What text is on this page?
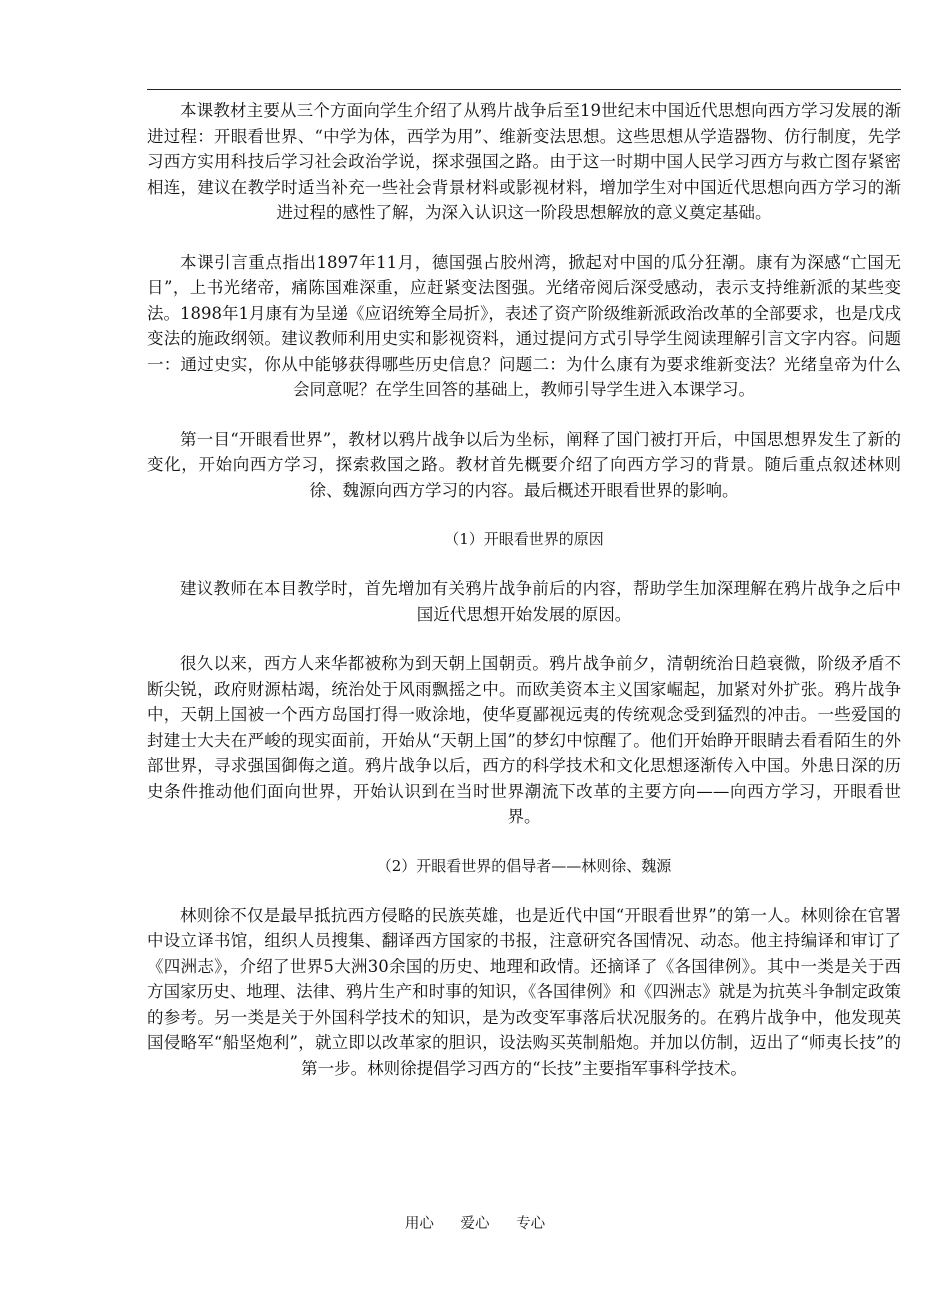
本课教材主要从三个方面向学生介绍了从鸦片战争后至19世纪末中国近代思想向西方学习发展的渐进过程：开眼看世界、“中学为体，西学为用”、维新变法思想。这些思想从学造器物、仿行制度，先学习西方实用科技后学习社会政治学说，探求强国之路。由于这一时期中国人民学习西方与救亡图存紧密相连，建议在教学时适当补充一些社会背景材料或影视材料，增加学生对中国近代思想向西方学习的渐进过程的感性了解，为深入认识这一阶段思想解放的意义奠定基础。

本课引言重点指出1897年11月，德国强占胶州湾，掀起对中国的瓜分狂潮。康有为深感“亡国无日”，上书光绪帝，痛陈国难深重，应赶紧变法图强。光绪帝阅后深受感动，表示支持维新派的某些变法。1898年1月康有为呈递《应诏统筹全局折》，表述了资产阶级维新派政治改革的全部要求，也是戊戌变法的施政纲领。建议教师利用史实和影视资料，通过提问方式引导学生阅读理解引言文字内容。问题一：通过史实，你从中能够获得哪些历史信息？问题二：为什么康有为要求维新变法？光绪皇帝为什么会同意呢？在学生回答的基础上，教师引导学生进入本课学习。

第一目“开眼看世界”，教材以鸦片战争以后为坐标，阐释了国门被打开后，中国思想界发生了新的变化，开始向西方学习，探索救国之路。教材首先概要介绍了向西方学习的背景。随后重点叙述林则徐、魏源向西方学习的内容。最后概述开眼看世界的影响。

（1）开眼看世界的原因

建议教师在本目教学时，首先增加有关鸦片战争前后的内容，帮助学生加深理解在鸦片战争之后中国近代思想开始发展的原因。

很久以来，西方人来华都被称为到天朝上国朝贡。鸦片战争前夕，清朝统治日趋衰微，阶级矛盾不断尖锐，政府财源枯竭，统治处于风雨飘摇之中。而欧美资本主义国家崛起，加紧对外扩张。鸦片战争中，天朝上国被一个西方岛国打得一败涂地，使华夏鄙视远夷的传统观念受到猛烈的冲击。一些爱国的封建士大夫在严峻的现实面前，开始从“天朝上国”的梦幻中惊醒了。他们开始睁开眼睛去看看陌生的外部世界，寻求强国御侮之道。鸦片战争以后，西方的科学技术和文化思想逐渐传入中国。外患日深的历史条件推动他们面向世界，开始认识到在当时世界潮流下改革的主要方向——向西方学习，开眼看世界。

（2）开眼看世界的倡导者——林则徐、魏源

林则徐不仅是最早抵抗西方侵略的民族英雄，也是近代中国“开眼看世界”的第一人。林则徐在官署中设立译书馆，组织人员搜集、翻译西方国家的书报，注意研究各国情况、动态。他主持编译和审订了《四洲志》，介绍了世界5大洲30余国的历史、地理和政情。还摘译了《各国律例》。其中一类是关于西方国家历史、地理、法律、鸦片生产和时事的知识，《各国律例》和《四洲志》就是为抗英斗争制定政策的参考。另一类是关于外国科学技术的知识，是为改变军事落后状况服务的。在鸦片战争中，他发现英国侵略军“船坚炮利”，就立即以改革家的胆识，设法购买英制船炮。并加以仿制，迈出了“师夷长技”的第一步。林则徐提倡学习西方的“长技”主要指军事科学技术。

用心 爱心 专心
